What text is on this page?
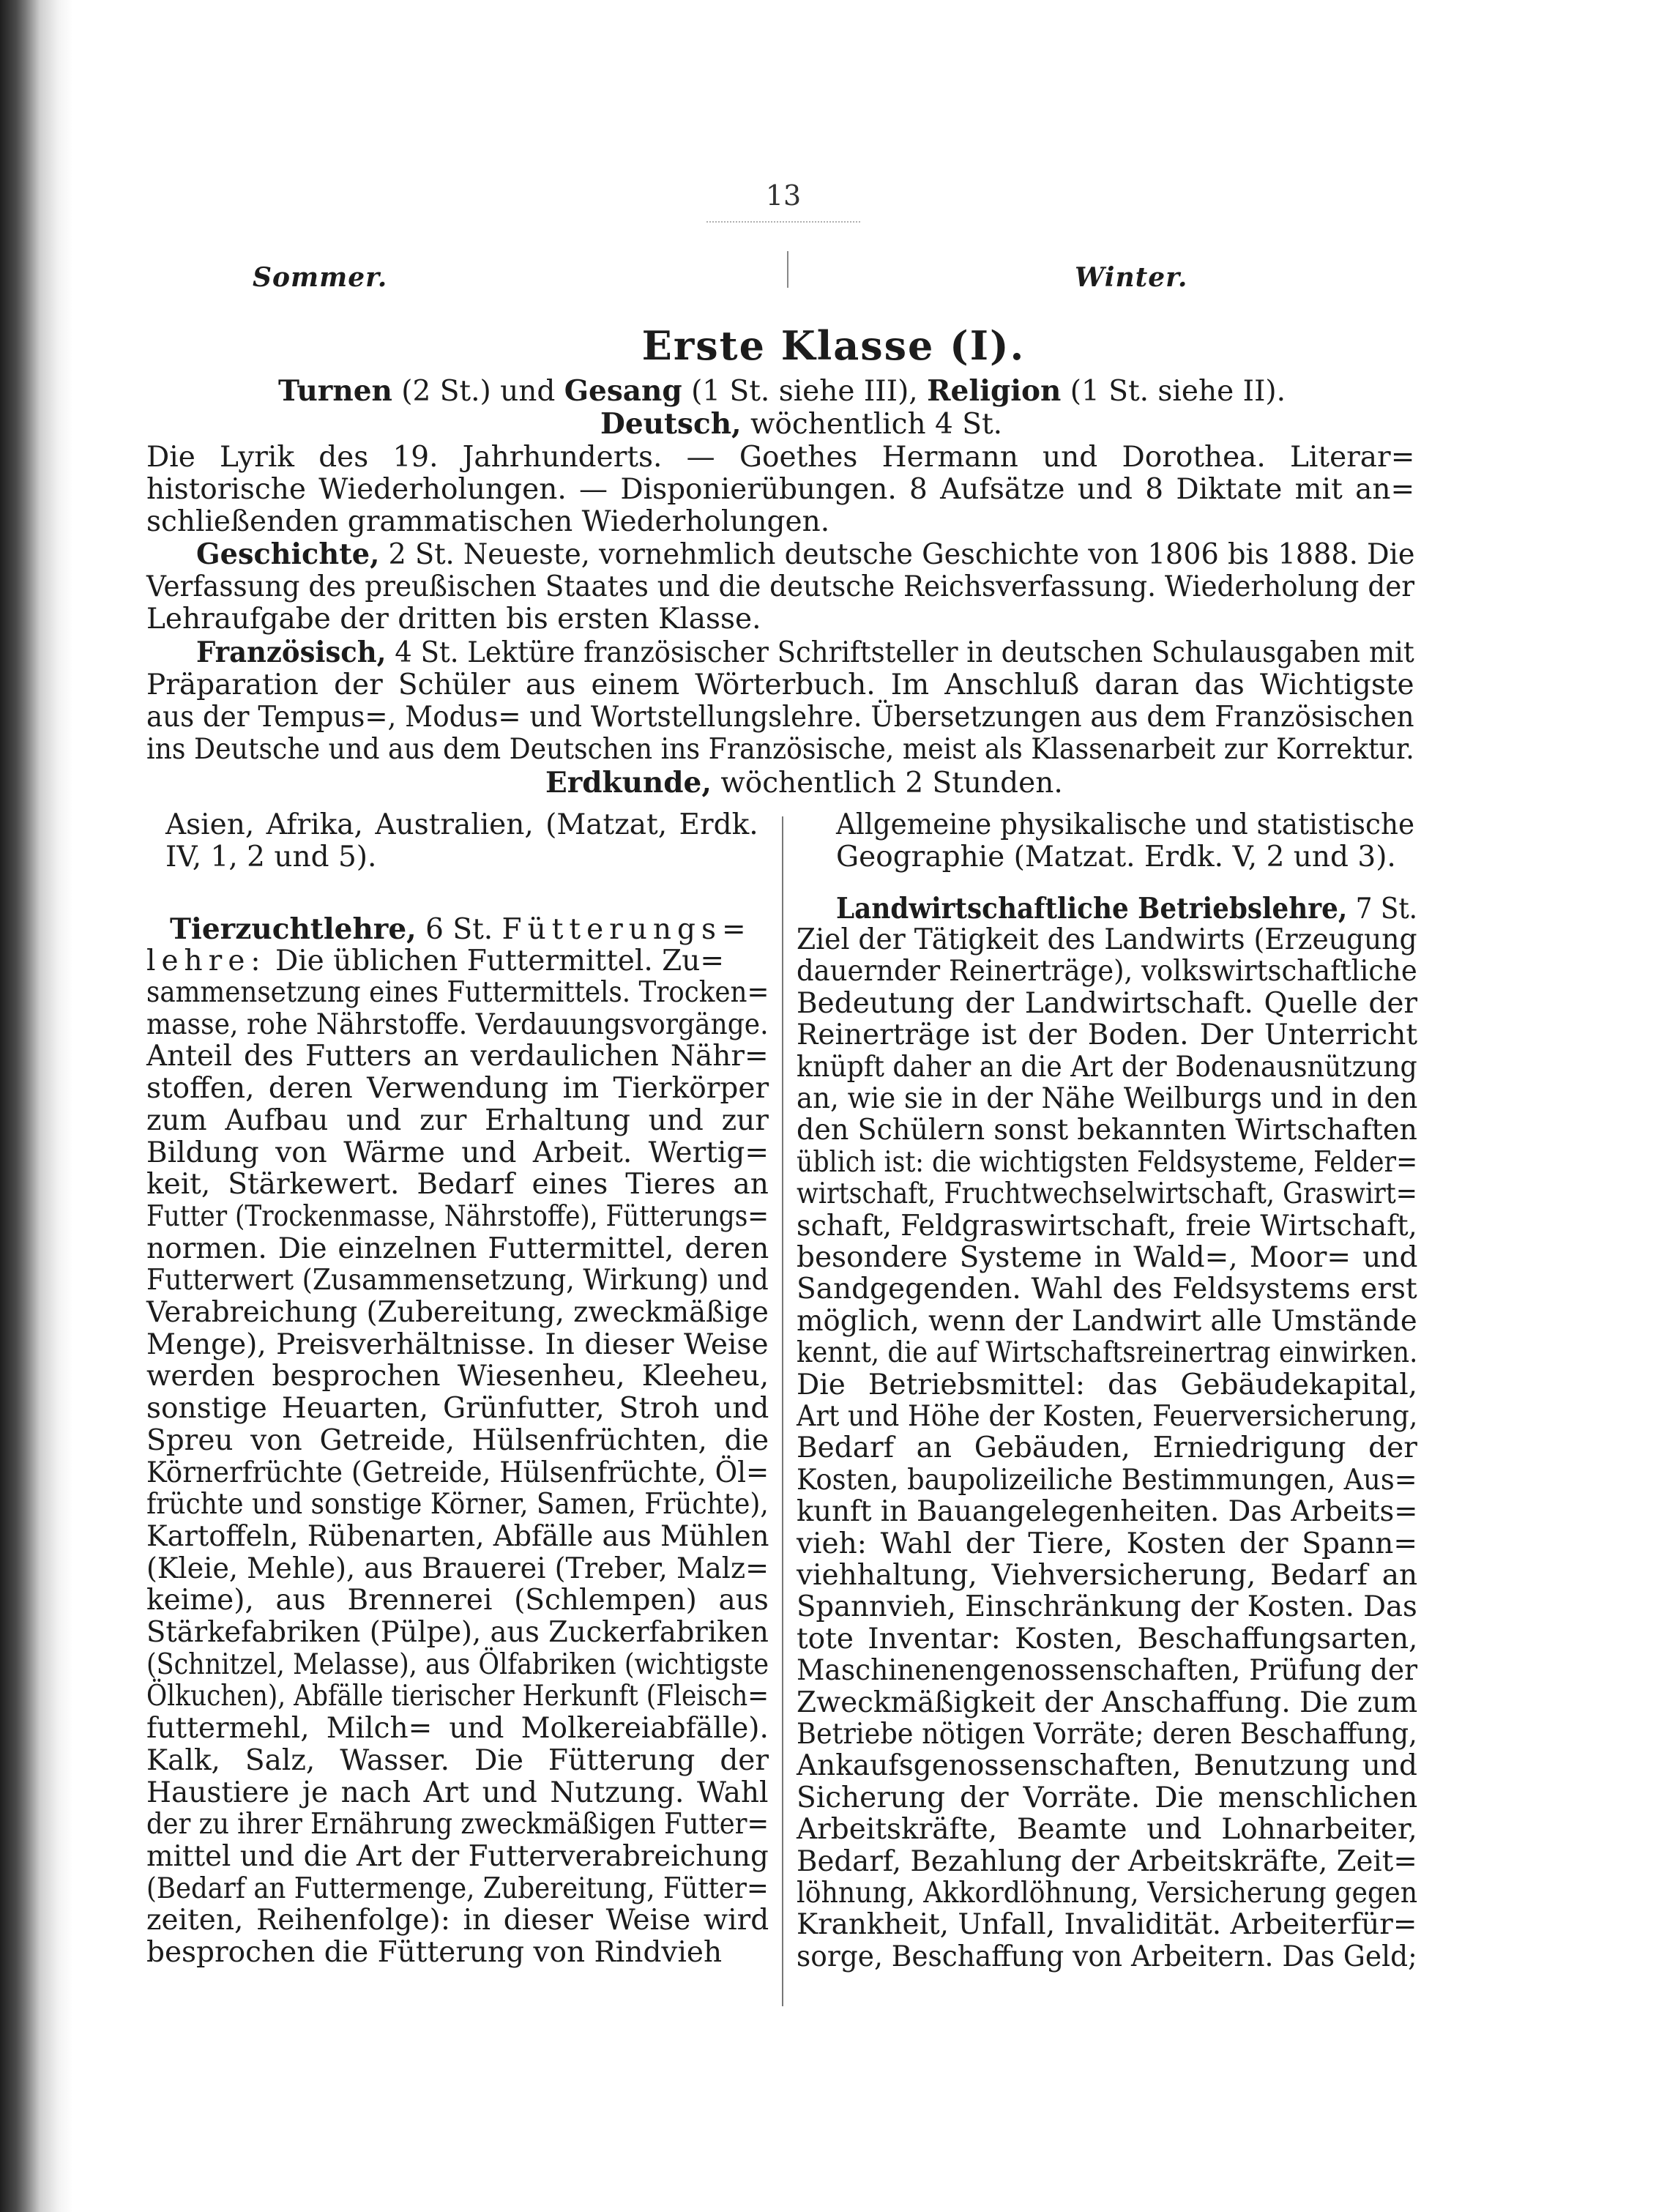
13
Sommer.	Winter.
Erste Klasse (I).
Turnen (2 St.) und Gesang (1 St. siehe III), Religion (1 St. siehe II).
Deutsch, wöchentlich 4 St.
Die Lyrik des 19. Jahrhunderts. — Goethes Hermann und Dorothea. Literar=
historische Wiederholungen. — Disponierübungen. 8 Aufsätze und 8 Diktate mit an=
schließenden grammatischen Wiederholungen.
Geschichte, 2 St. Neueste, vornehmlich deutsche Geschichte von 1806 bis 1888. Die
Verfassung des preußischen Staates und die deutsche Reichsverfassung. Wiederholung der
Lehraufgabe der dritten bis ersten Klasse.
Französisch, 4 St. Lektüre französischer Schriftsteller in deutschen Schulausgaben mit
Präparation der Schüler aus einem Wörterbuch. Im Anschluß daran das Wichtigste
aus der Tempus=, Modus= und Wortstellungslehre. Übersetzungen aus dem Französischen
ins Deutsche und aus dem Deutschen ins Französische, meist als Klassenarbeit zur Korrektur.
Erdkunde, wöchentlich 2 Stunden.
Asien, Afrika, Australien, (Matzat, Erdk.
IV, 1, 2 und 5).
Allgemeine physikalische und statistische
Geographie (Matzat. Erdk. V, 2 und 3).
Tierzuchtlehre, 6 St. Fütterungs=
lehre: Die üblichen Futtermittel. Zu=
sammensetzung eines Futtermittels. Trocken=
masse, rohe Nährstoffe. Verdauungsvorgänge.
Anteil des Futters an verdaulichen Nähr=
stoffen, deren Verwendung im Tierkörper
zum Aufbau und zur Erhaltung und zur
Bildung von Wärme und Arbeit. Wertig=
keit, Stärkewert. Bedarf eines Tieres an
Futter (Trockenmasse, Nährstoffe), Fütterungs=
normen. Die einzelnen Futtermittel, deren
Futterwert (Zusammensetzung, Wirkung) und
Verabreichung (Zubereitung, zweckmäßige
Menge), Preisverhältnisse. In dieser Weise
werden besprochen Wiesenheu, Kleeheu,
sonstige Heuarten, Grünfutter, Stroh und
Spreu von Getreide, Hülsenfrüchten, die
Körnerfrüchte (Getreide, Hülsenfrüchte, Öl=
früchte und sonstige Körner, Samen, Früchte),
Kartoffeln, Rübenarten, Abfälle aus Mühlen
(Kleie, Mehle), aus Brauerei (Treber, Malz=
keime), aus Brennerei (Schlempen) aus
Stärkefabriken (Pülpe), aus Zuckerfabriken
(Schnitzel, Melasse), aus Ölfabriken (wichtigste
Ölkuchen), Abfälle tierischer Herkunft (Fleisch=
futtermehl, Milch= und Molkereiabfälle).
Kalk, Salz, Wasser. Die Fütterung der
Haustiere je nach Art und Nutzung. Wahl
der zu ihrer Ernährung zweckmäßigen Futter=
mittel und die Art der Futterverabreichung
(Bedarf an Futtermenge, Zubereitung, Fütter=
zeiten, Reihenfolge): in dieser Weise wird
besprochen die Fütterung von Rindvieh
Landwirtschaftliche Betriebslehre, 7 St.
Ziel der Tätigkeit des Landwirts (Erzeugung
dauernder Reinerträge), volkswirtschaftliche
Bedeutung der Landwirtschaft. Quelle der
Reinerträge ist der Boden. Der Unterricht
knüpft daher an die Art der Bodenausnützung
an, wie sie in der Nähe Weilburgs und in den
den Schülern sonst bekannten Wirtschaften
üblich ist: die wichtigsten Feldsysteme, Felder=
wirtschaft, Fruchtwechselwirtschaft, Graswirt=
schaft, Feldgraswirtschaft, freie Wirtschaft,
besondere Systeme in Wald=, Moor= und
Sandgegenden. Wahl des Feldsystems erst
möglich, wenn der Landwirt alle Umstände
kennt, die auf Wirtschaftsreinertrag einwirken.
Die Betriebsmittel: das Gebäudekapital,
Art und Höhe der Kosten, Feuerversicherung,
Bedarf an Gebäuden, Erniedrigung der
Kosten, baupolizeiliche Bestimmungen, Aus=
kunft in Bauangelegenheiten. Das Arbeits=
vieh: Wahl der Tiere, Kosten der Spann=
viehhaltung, Viehversicherung, Bedarf an
Spannvieh, Einschränkung der Kosten. Das
tote Inventar: Kosten, Beschaffungsarten,
Maschinenengenossenschaften, Prüfung der
Zweckmäßigkeit der Anschaffung. Die zum
Betriebe nötigen Vorräte; deren Beschaffung,
Ankaufsgenossenschaften, Benutzung und
Sicherung der Vorräte. Die menschlichen
Arbeitskräfte, Beamte und Lohnarbeiter,
Bedarf, Bezahlung der Arbeitskräfte, Zeit=
löhnung, Akkordlöhnung, Versicherung gegen
Krankheit, Unfall, Invalidität. Arbeiterfür=
sorge, Beschaffung von Arbeitern. Das Geld;
